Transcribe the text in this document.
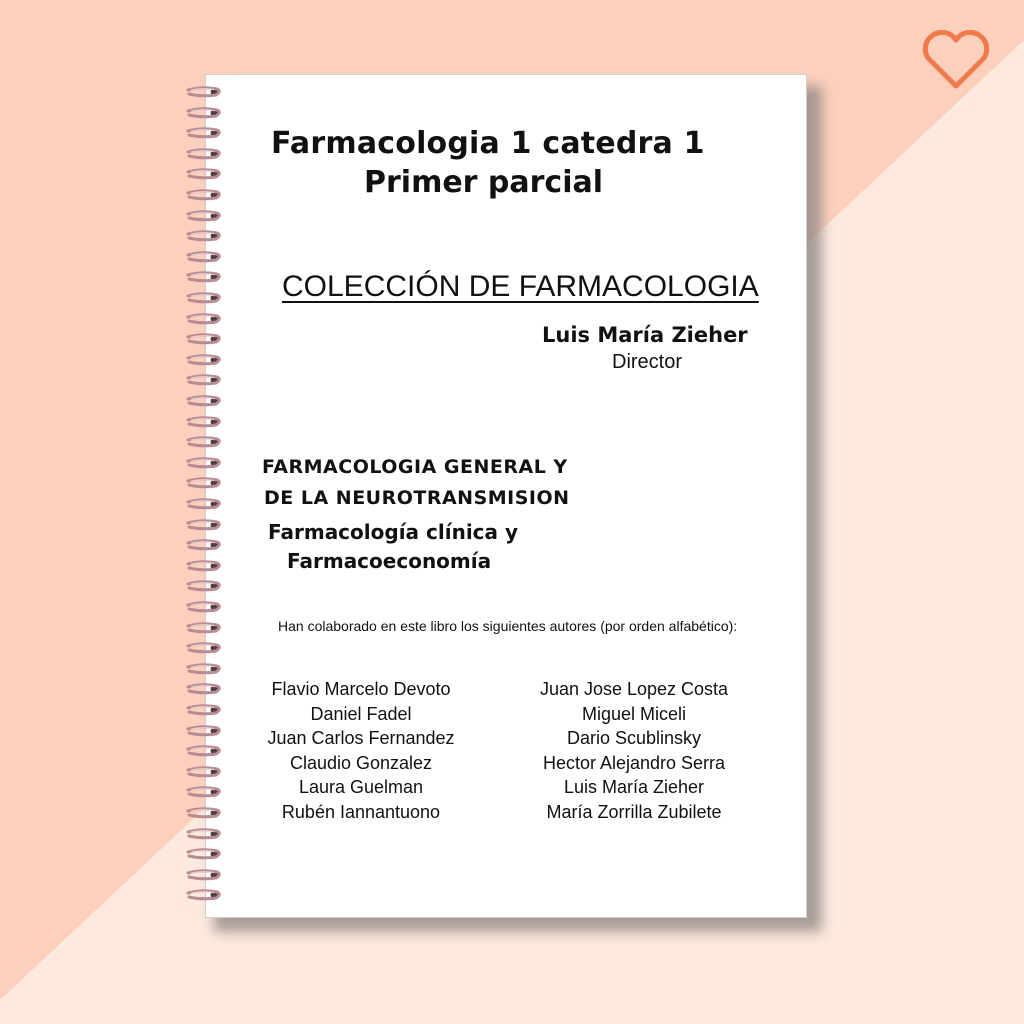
Farmacologia 1 catedra 1
Primer parcial
COLECCIÓN DE FARMACOLOGIA
Luis María Zieher
Director
FARMACOLOGIA GENERAL Y
DE LA NEUROTRANSMISION
Farmacología clínica y
Farmacoeconomía
Han colaborado en este libro los siguientes autores (por orden alfabético):
Flavio Marcelo Devoto
Daniel Fadel
Juan Carlos Fernandez
Claudio Gonzalez
Laura Guelman
Rubén Iannantuono
Juan Jose Lopez Costa
Miguel Miceli
Dario Scublinsky
Hector Alejandro Serra
Luis María Zieher
María Zorrilla Zubilete
